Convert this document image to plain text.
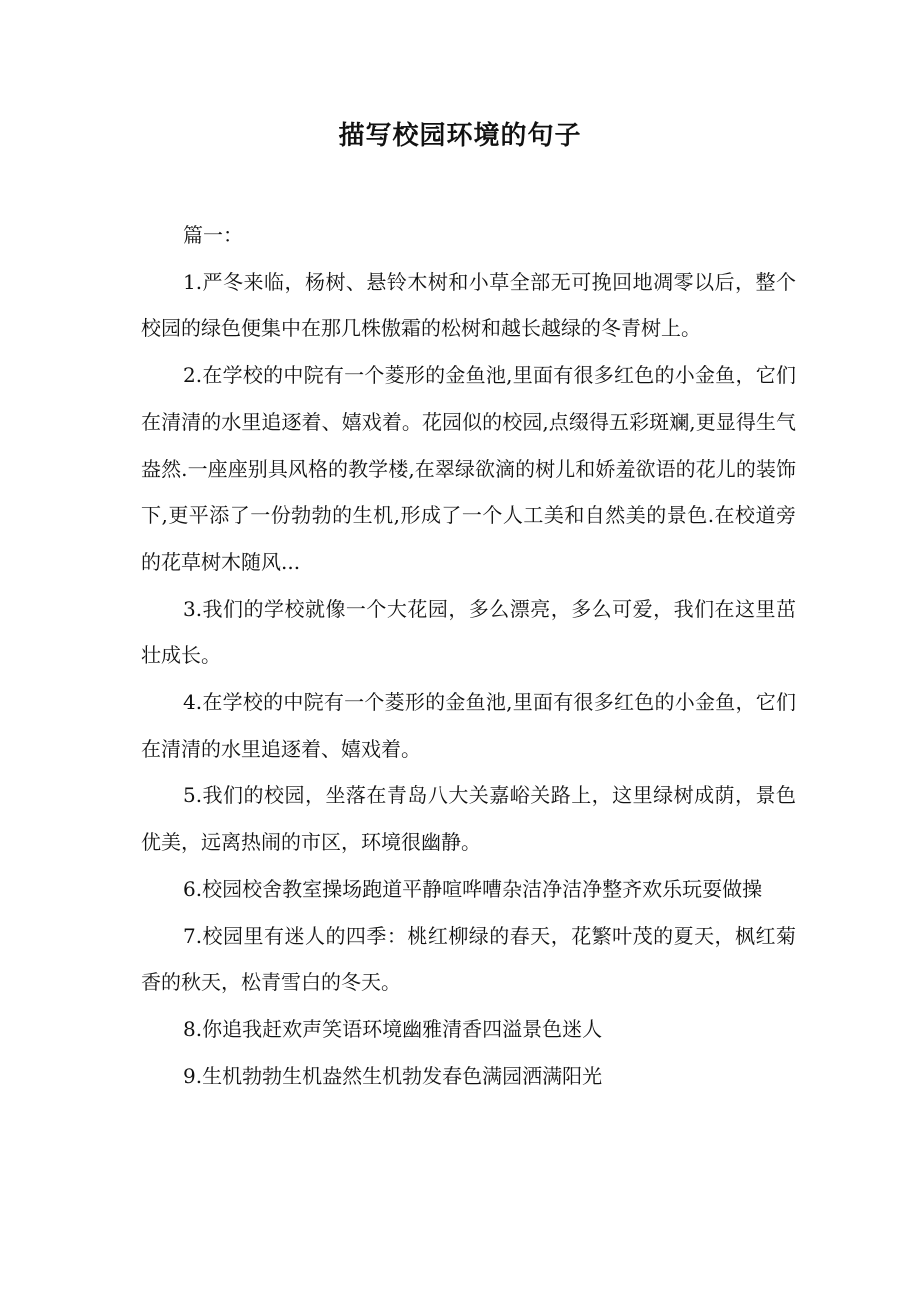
描写校园环境的句子

篇一：

1.严冬来临，杨树、悬铃木树和小草全部无可挽回地凋零以后，整个校园的绿色便集中在那几株傲霜的松树和越长越绿的冬青树上。

2.在学校的中院有一个菱形的金鱼池,里面有很多红色的小金鱼，它们在清清的水里追逐着、嬉戏着。花园似的校园,点缀得五彩斑斓,更显得生气盎然.一座座别具风格的教学楼,在翠绿欲滴的树儿和娇羞欲语的花儿的装饰下,更平添了一份勃勃的生机,形成了一个人工美和自然美的景色.在校道旁的花草树木随风...

3.我们的学校就像一个大花园，多么漂亮，多么可爱，我们在这里茁壮成长。

4.在学校的中院有一个菱形的金鱼池,里面有很多红色的小金鱼，它们在清清的水里追逐着、嬉戏着。

5.我们的校园，坐落在青岛八大关嘉峪关路上，这里绿树成荫，景色优美，远离热闹的市区，环境很幽静。

6.校园校舍教室操场跑道平静喧哗嘈杂洁净洁净整齐欢乐玩耍做操

7.校园里有迷人的四季：桃红柳绿的春天，花繁叶茂的夏天，枫红菊香的秋天，松青雪白的冬天。

8.你追我赶欢声笑语环境幽雅清香四溢景色迷人

9.生机勃勃生机盎然生机勃发春色满园洒满阳光
